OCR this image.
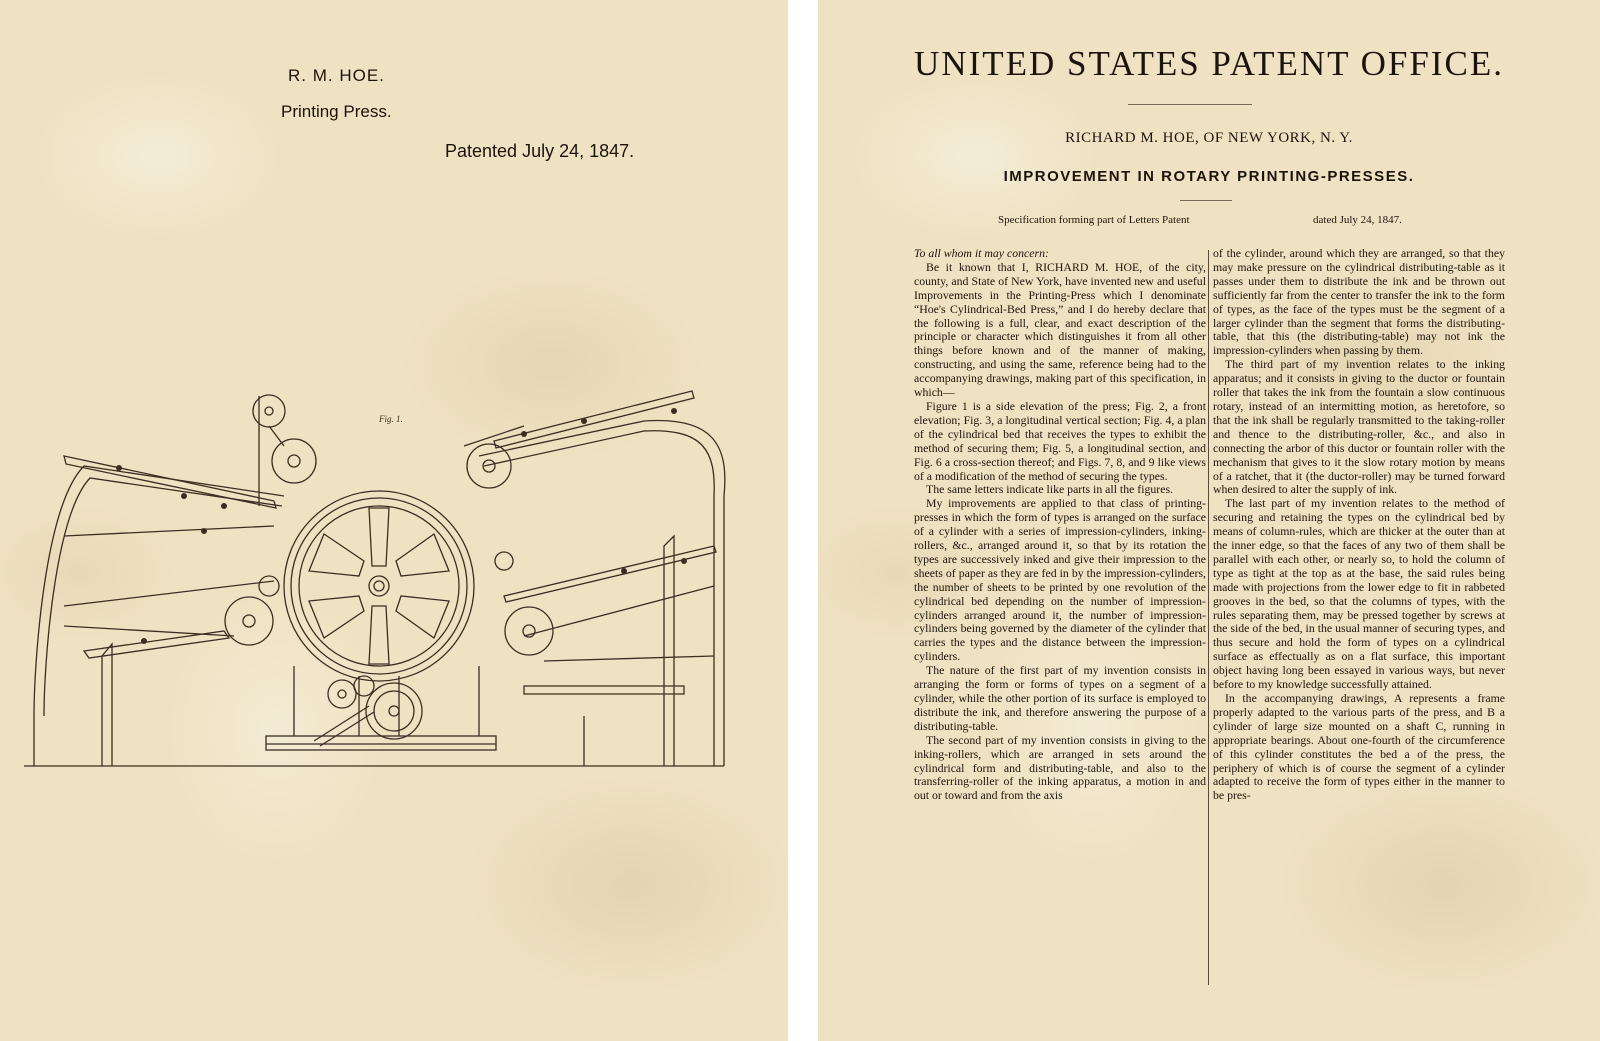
R. M. HOE.
Printing Press.
Patented July 24, 1847.
Fig. 1.
UNITED STATES PATENT OFFICE.
RICHARD M. HOE, OF NEW YORK, N. Y.
IMPROVEMENT IN ROTARY PRINTING-PRESSES.
Specification forming part of Letters Patent	dated July 24, 1847.

To all whom it may concern:

Be it known that I, RICHARD M. HOE, of the city, county, and State of New York, have invented new and useful Improvements in the Printing-Press which I denominate “Hoe's Cylindrical-Bed Press,” and I do hereby declare that the following is a full, clear, and exact description of the principle or character which distinguishes it from all other things before known and of the manner of making, constructing, and using the same, reference being had to the accompanying drawings, making part of this specification, in which—

Figure 1 is a side elevation of the press; Fig. 2, a front elevation; Fig. 3, a longitudinal vertical section; Fig. 4, a plan of the cylindrical bed that receives the types to exhibit the method of securing them; Fig. 5, a longitudinal section, and Fig. 6 a cross-section thereof; and Figs. 7, 8, and 9 like views of a modification of the method of securing the types.

The same letters indicate like parts in all the figures.

My improvements are applied to that class of printing-presses in which the form of types is arranged on the surface of a cylinder with a series of impression-cylinders, inking-rollers, &c., arranged around it, so that by its rotation the types are successively inked and give their impression to the sheets of paper as they are fed in by the impression-cylinders, the number of sheets to be printed by one revolution of the cylindrical bed depending on the number of impression-cylinders arranged around it, the number of impression-cylinders being governed by the diameter of the cylinder that carries the types and the distance between the impression-cylinders.

The nature of the first part of my invention consists in arranging the form or forms of types on a segment of a cylinder, while the other portion of its surface is employed to distribute the ink, and therefore answering the purpose of a distributing-table.

The second part of my invention consists in giving to the inking-rollers, which are arranged in sets around the cylindrical form and distributing-table, and also to the transferring-roller of the inking apparatus, a motion in and out or toward and from the axis

of the cylinder, around which they are arranged, so that they may make pressure on the cylindrical distributing-table as it passes under them to distribute the ink and be thrown out sufficiently far from the center to transfer the ink to the form of types, as the face of the types must be the segment of a larger cylinder than the segment that forms the distributing-table, that this (the distributing-table) may not ink the impression-cylinders when passing by them.

The third part of my invention relates to the inking apparatus; and it consists in giving to the ductor or fountain roller that takes the ink from the fountain a slow continuous rotary, instead of an intermitting motion, as heretofore, so that the ink shall be regularly transmitted to the taking-roller and thence to the distributing-roller, &c., and also in connecting the arbor of this ductor or fountain roller with the mechanism that gives to it the slow rotary motion by means of a ratchet, that it (the ductor-roller) may be turned forward when desired to alter the supply of ink.

The last part of my invention relates to the method of securing and retaining the types on the cylindrical bed by means of column-rules, which are thicker at the outer than at the inner edge, so that the faces of any two of them shall be parallel with each other, or nearly so, to hold the column of type as tight at the top as at the base, the said rules being made with projections from the lower edge to fit in rabbeted grooves in the bed, so that the columns of types, with the rules separating them, may be pressed together by screws at the side of the bed, in the usual manner of securing types, and thus secure and hold the form of types on a cylindrical surface as effectually as on a flat surface, this important object having long been essayed in various ways, but never before to my knowledge successfully attained.

In the accompanying drawings, A represents a frame properly adapted to the various parts of the press, and B a cylinder of large size mounted on a shaft C, running in appropriate bearings. About one-fourth of the circumference of this cylinder constitutes the bed a of the press, the periphery of which is of course the segment of a cylinder adapted to receive the form of types either in the manner to be pres-
